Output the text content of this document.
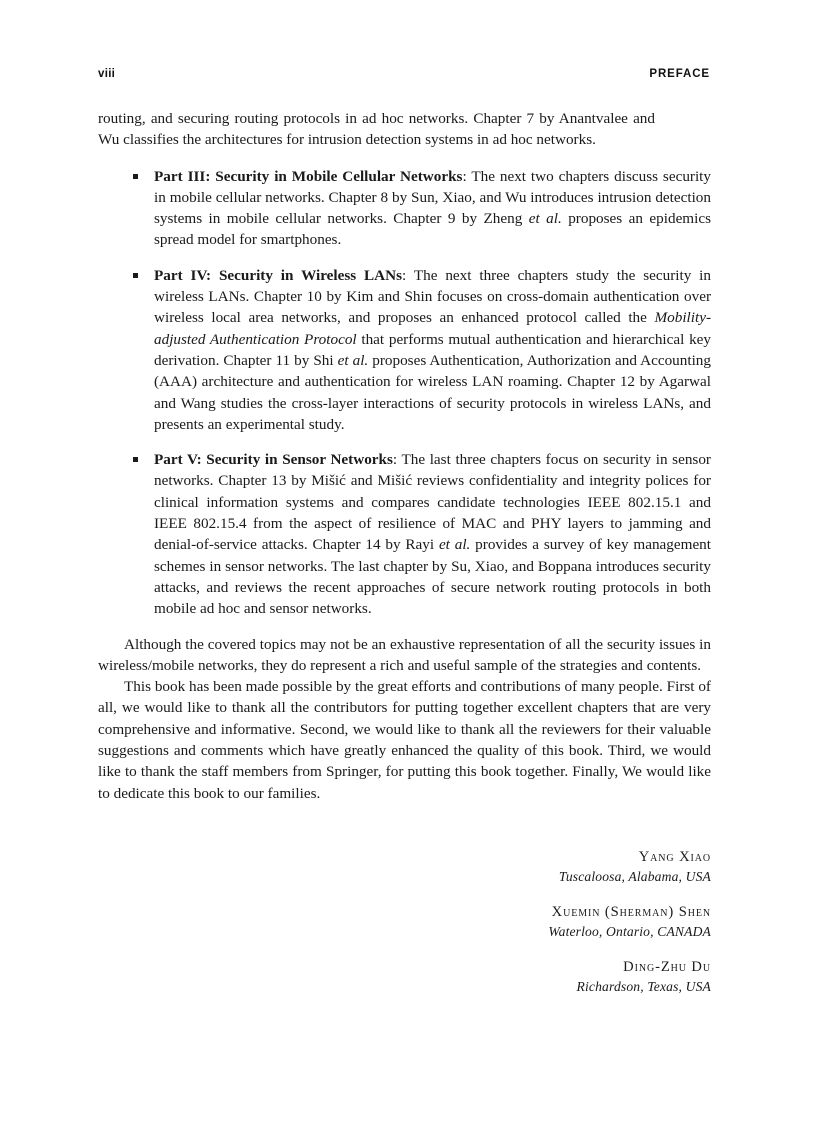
viii	PREFACE

routing, and securing routing protocols in ad hoc networks. Chapter 7 by Anantvalee and Wu classifies the architectures for intrusion detection systems in ad hoc networks.

Part III: Security in Mobile Cellular Networks: The next two chapters discuss security in mobile cellular networks. Chapter 8 by Sun, Xiao, and Wu introduces intrusion detection systems in mobile cellular networks. Chapter 9 by Zheng et al. proposes an epidemics spread model for smartphones.

Part IV: Security in Wireless LANs: The next three chapters study the security in wireless LANs. Chapter 10 by Kim and Shin focuses on cross-domain authentication over wireless local area networks, and proposes an enhanced protocol called the Mobility-adjusted Authentication Protocol that performs mutual authentication and hierarchical key derivation. Chapter 11 by Shi et al. proposes Authentication, Authorization and Accounting (AAA) architecture and authentication for wireless LAN roaming. Chapter 12 by Agarwal and Wang studies the cross-layer interactions of security protocols in wireless LANs, and presents an experimental study.

Part V: Security in Sensor Networks: The last three chapters focus on security in sensor networks. Chapter 13 by Mišić and Mišić reviews confidentiality and integrity polices for clinical information systems and compares candidate technologies IEEE 802.15.1 and IEEE 802.15.4 from the aspect of resilience of MAC and PHY layers to jamming and denial-of-service attacks. Chapter 14 by Rayi et al. provides a survey of key management schemes in sensor networks. The last chapter by Su, Xiao, and Boppana introduces security attacks, and reviews the recent approaches of secure network routing protocols in both mobile ad hoc and sensor networks.

Although the covered topics may not be an exhaustive representation of all the security issues in wireless/mobile networks, they do represent a rich and useful sample of the strategies and contents.

This book has been made possible by the great efforts and contributions of many people. First of all, we would like to thank all the contributors for putting together excellent chapters that are very comprehensive and informative. Second, we would like to thank all the reviewers for their valuable suggestions and comments which have greatly enhanced the quality of this book. Third, we would like to thank the staff members from Springer, for putting this book together. Finally, We would like to dedicate this book to our families.

Yang Xiao
Tuscaloosa, Alabama, USA
Xuemin (Sherman) Shen
Waterloo, Ontario, CANADA
Ding-Zhu Du
Richardson, Texas, USA
